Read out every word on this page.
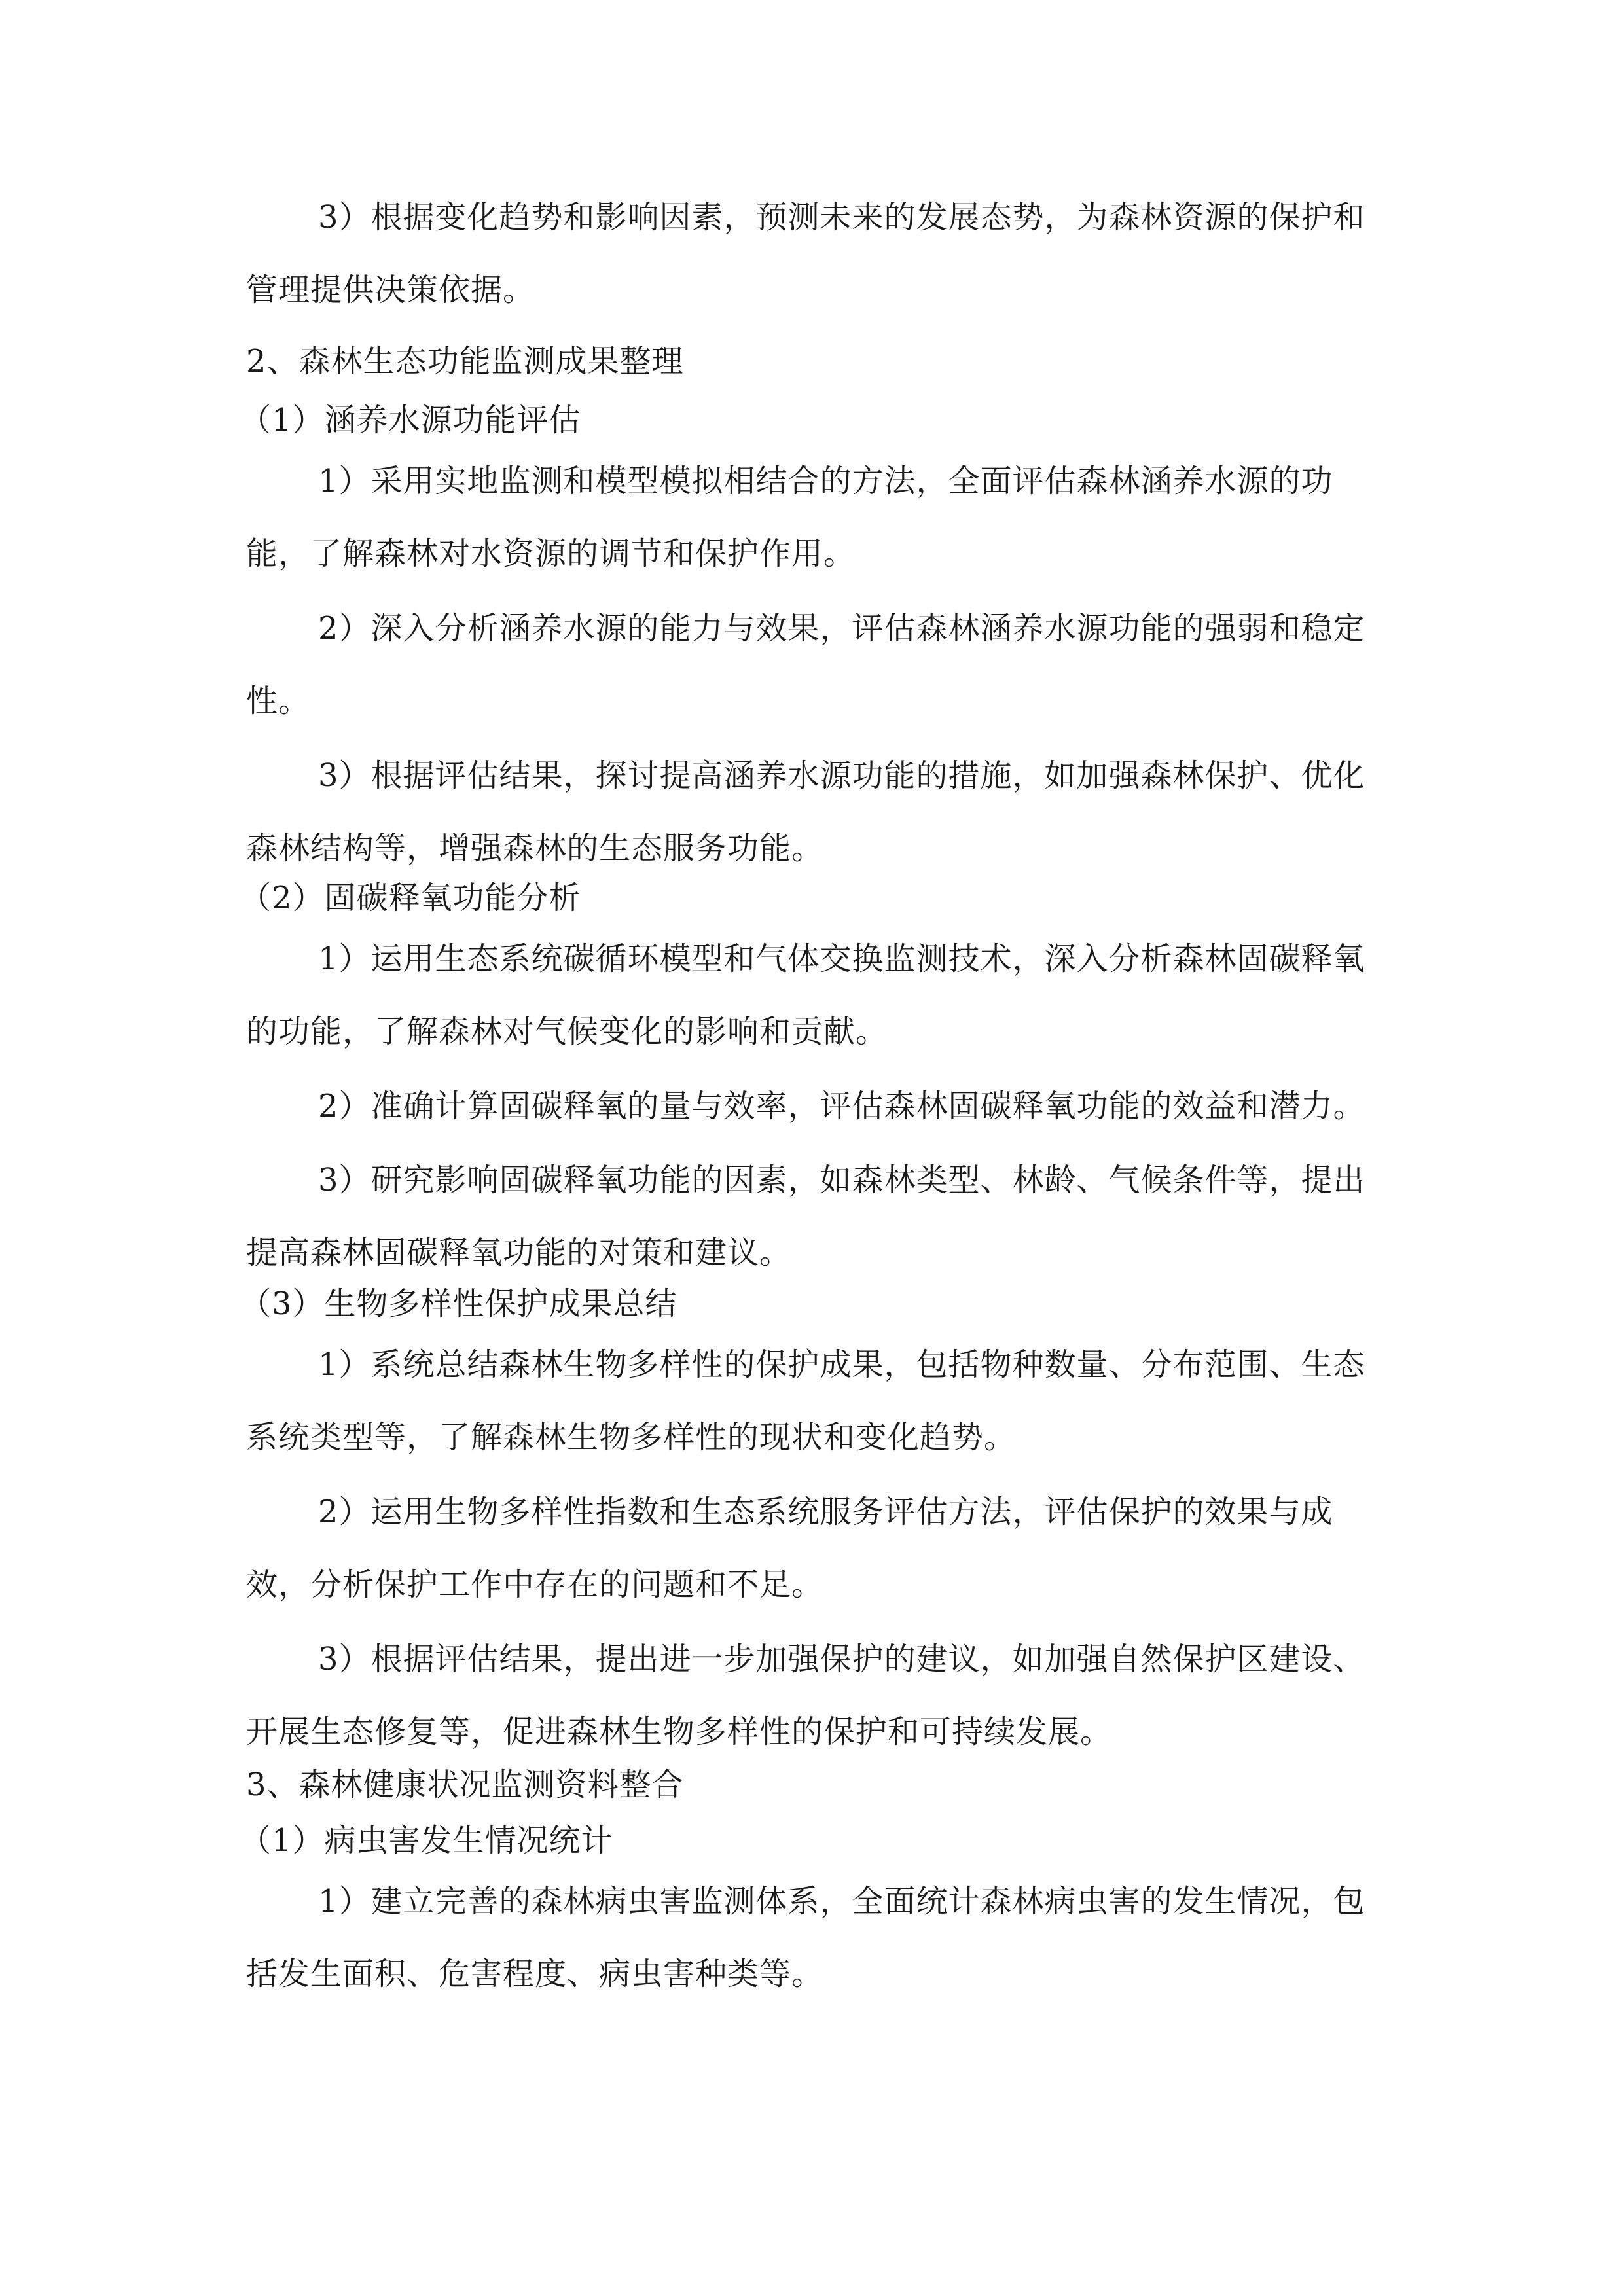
3）根据变化趋势和影响因素，预测未来的发展态势，为森林资源的保护和管理提供决策依据。

2、森林生态功能监测成果整理
（1）涵养水源功能评估

1）采用实地监测和模型模拟相结合的方法，全面评估森林涵养水源的功能，了解森林对水资源的调节和保护作用。

2）深入分析涵养水源的能力与效果，评估森林涵养水源功能的强弱和稳定性。

3）根据评估结果，探讨提高涵养水源功能的措施，如加强森林保护、优化森林结构等，增强森林的生态服务功能。

（2）固碳释氧功能分析

1）运用生态系统碳循环模型和气体交换监测技术，深入分析森林固碳释氧的功能，了解森林对气候变化的影响和贡献。

2）准确计算固碳释氧的量与效率，评估森林固碳释氧功能的效益和潜力。

3）研究影响固碳释氧功能的因素，如森林类型、林龄、气候条件等，提出提高森林固碳释氧功能的对策和建议。

（3）生物多样性保护成果总结

1）系统总结森林生物多样性的保护成果，包括物种数量、分布范围、生态系统类型等，了解森林生物多样性的现状和变化趋势。

2）运用生物多样性指数和生态系统服务评估方法，评估保护的效果与成效，分析保护工作中存在的问题和不足。

3）根据评估结果，提出进一步加强保护的建议，如加强自然保护区建设、开展生态修复等，促进森林生物多样性的保护和可持续发展。

3、森林健康状况监测资料整合
（1）病虫害发生情况统计

1）建立完善的森林病虫害监测体系，全面统计森林病虫害的发生情况，包括发生面积、危害程度、病虫害种类等。
